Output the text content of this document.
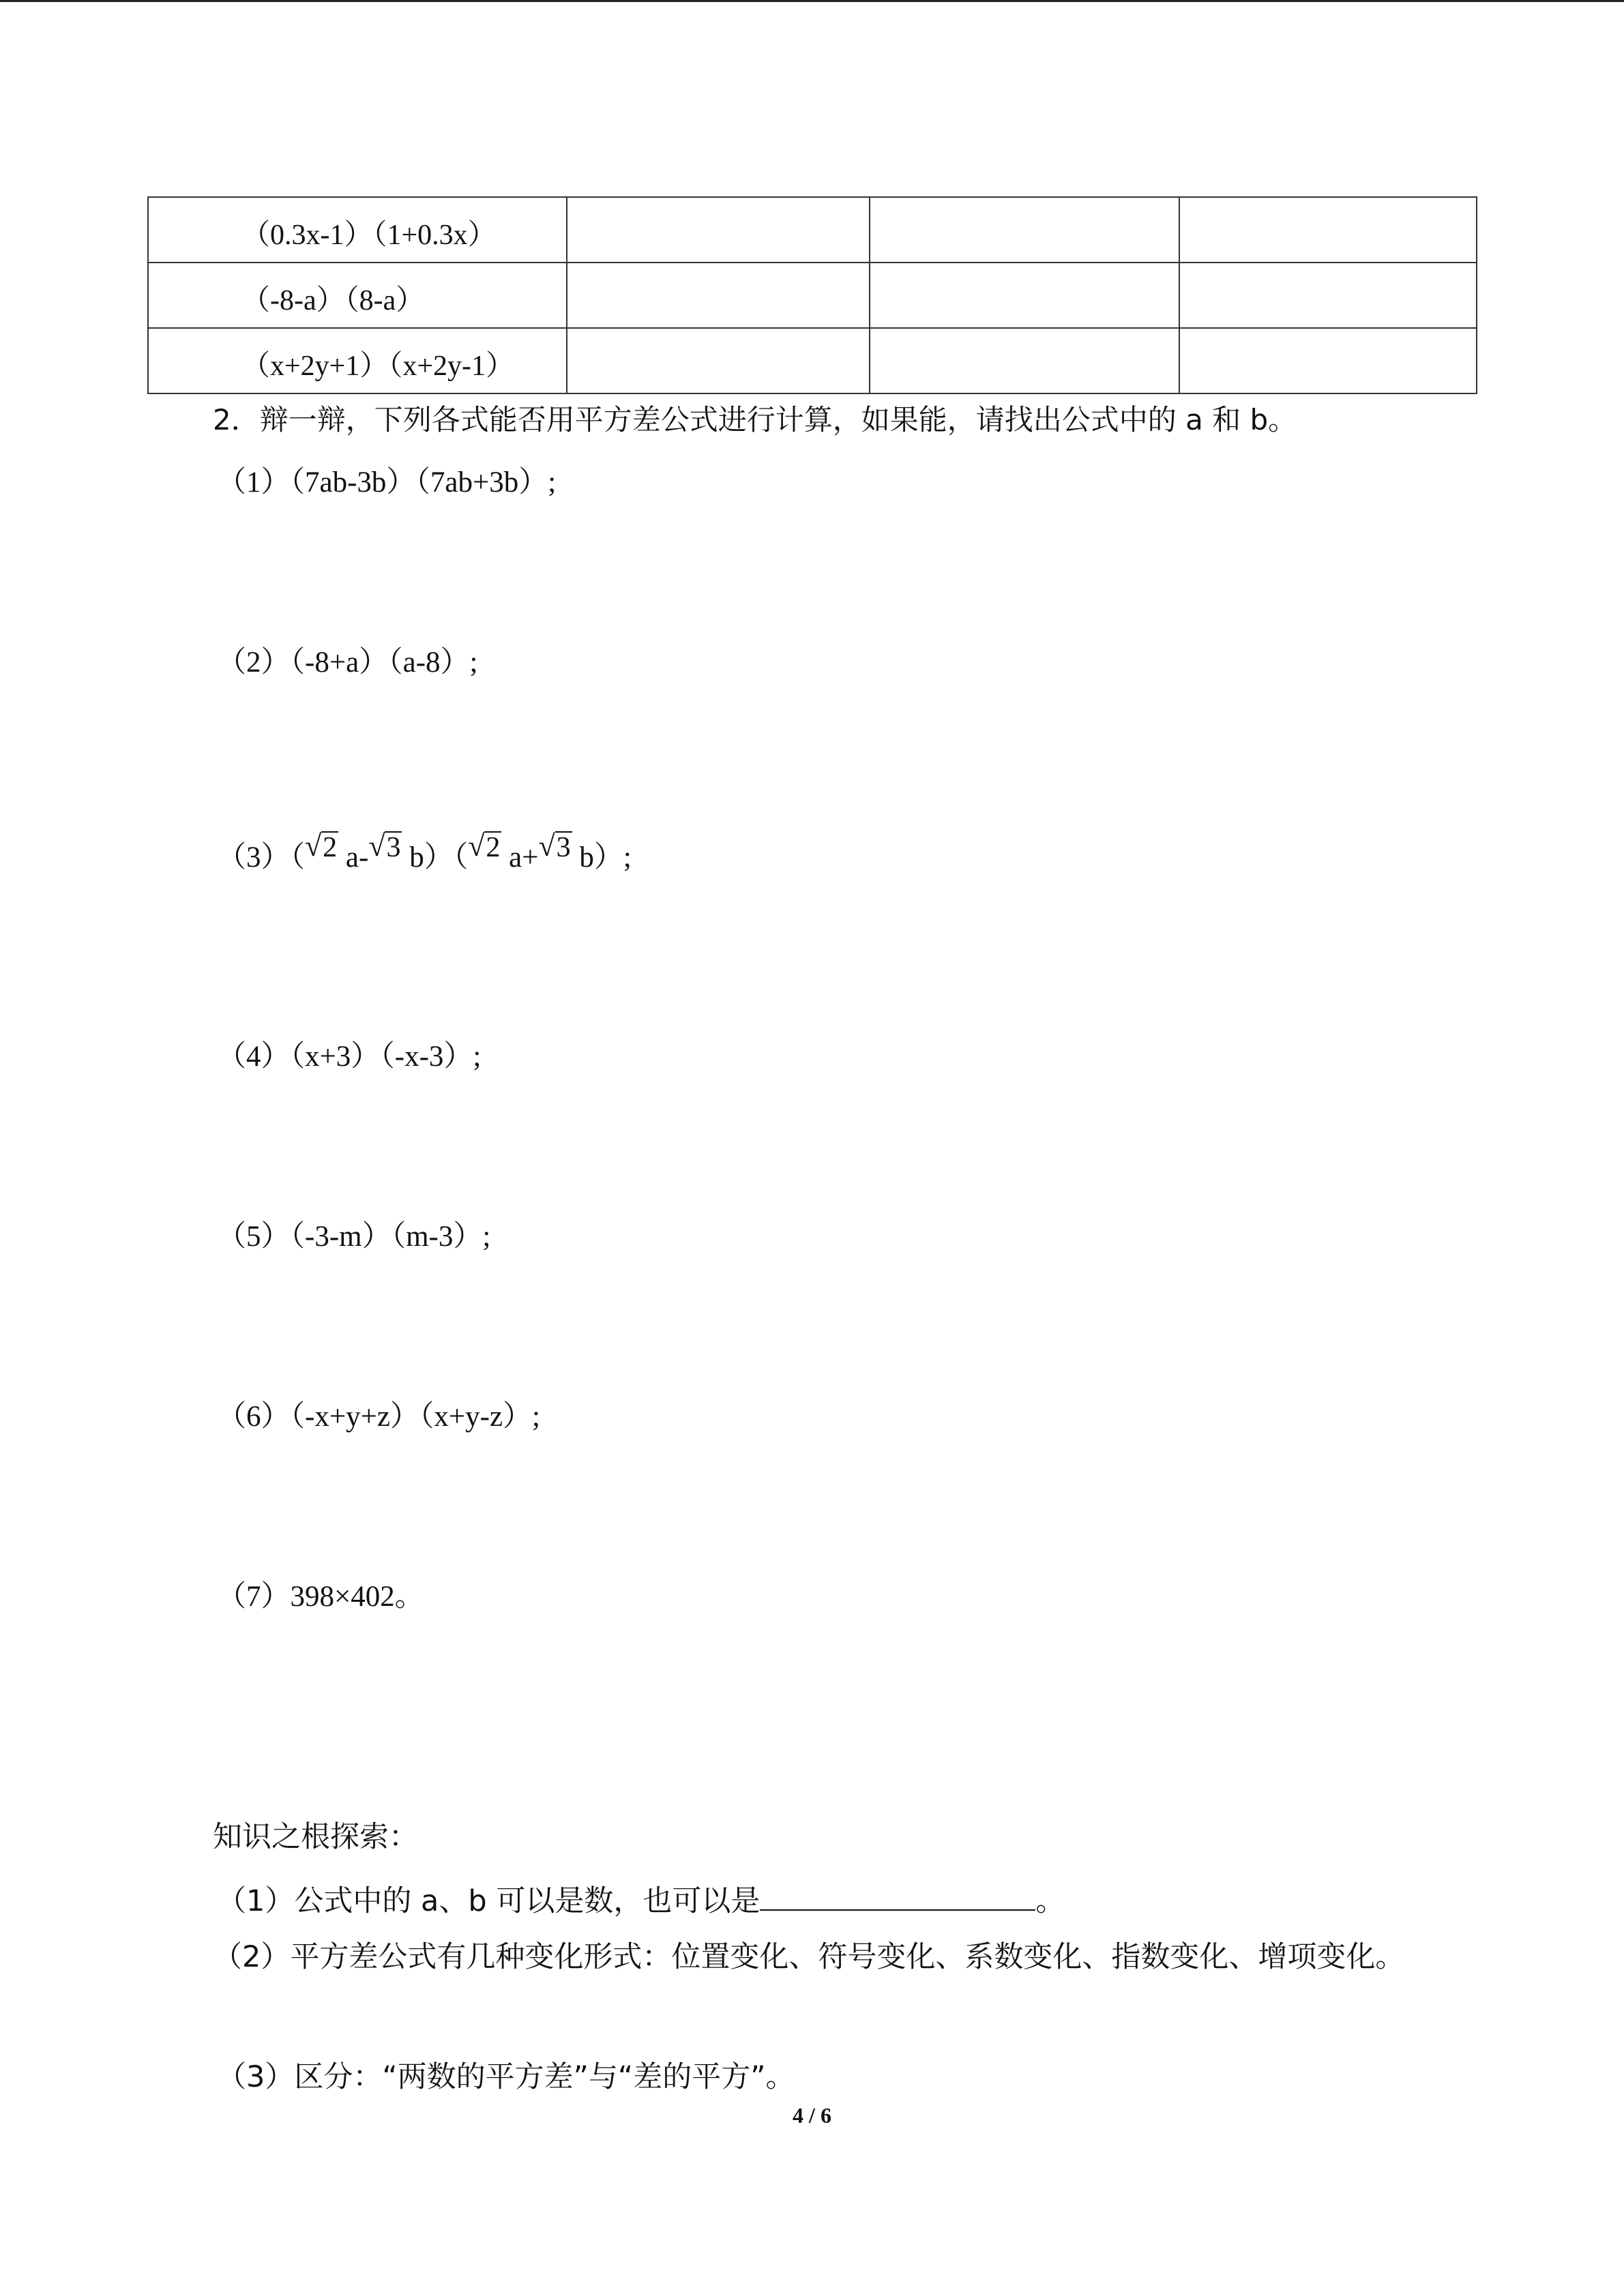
（0.3x-1）（1+0.3x）			
（-8-a）（8-a）			
（x+2y+1）（x+2y-1）			
2．辩一辩，下列各式能否用平方差公式进行计算，如果能，请找出公式中的 a 和 b。
（1）（7ab-3b）（7ab+3b）;
（2）（-8+a）（a-8）;
（3）（ √ 2 a- √ 3 b）（ √ 2 a+ √ 3 b）;
（4）（x+3）（-x-3）;
（5）（-3-m）（m-3）;
（6）（-x+y+z）（x+y-z）;
（7）398×402。
知识之根探索：
（1）公式中的 a、b 可以是数，也可以是	。
（2）平方差公式有几种变化形式：位置变化、符号变化、系数变化、指数变化、增项变化。
（3）区分：“两数的平方差”与“差的平方”。
4 / 6
